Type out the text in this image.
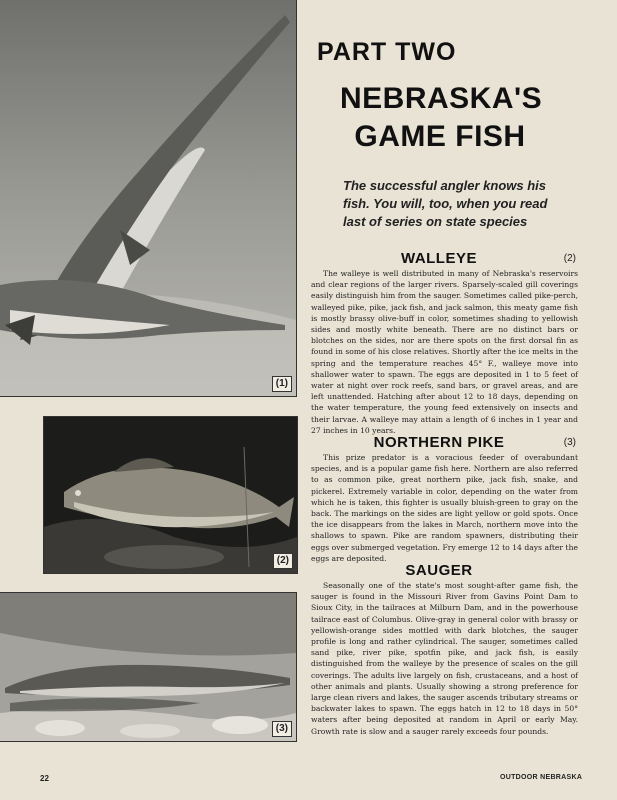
(1)
(2)
(3)
PART TWO
NEBRASKA'S
GAME FISH

The successful angler knows his fish. You will, too, when you read last of series on state species

WALLEYE	(2)

The walleye is well distributed in many of Nebraska's reservoirs and clear regions of the larger rivers. Sparsely-scaled gill coverings easily distinguish him from the sauger. Sometimes called pike-perch, walleyed pike, pike, jack fish, and jack salmon, this meaty game fish is mostly brassy olive-buff in color, sometimes shading to yellowish sides and mostly white beneath. There are no distinct bars or blotches on the sides, nor are there spots on the first dorsal fin as found in some of his close relatives. Shortly after the ice melts in the spring and the temperature reaches 45° F., walleye move into shallower water to spawn. The eggs are deposited in 1 to 5 feet of water at night over rock reefs, sand bars, or gravel areas, and are left unattended. Hatching after about 12 to 18 days, depending on the water temperature, the young feed extensively on insects and their larvae. A walleye may attain a length of 6 inches in 1 year and 27 inches in 10 years.

NORTHERN PIKE	(3)

This prize predator is a voracious feeder of overabundant species, and is a popular game fish here. Northern are also referred to as common pike, great northern pike, jack fish, snake, and pickerel. Extremely variable in color, depending on the water from which he is taken, this fighter is usually bluish-green to gray on the back. The markings on the sides are light yellow or gold spots. Once the ice disappears from the lakes in March, northern move into the shallows to spawn. Pike are random spawners, distributing their eggs over submerged vegetation. Fry emerge 12 to 14 days after the eggs are deposited.

SAUGER

Seasonally one of the state's most sought-after game fish, the sauger is found in the Missouri River from Gavins Point Dam to Sioux City, in the tailraces at Milburn Dam, and in the powerhouse tailrace east of Columbus. Olive-gray in general color with brassy or yellowish-orange sides mottled with dark blotches, the sauger profile is long and rather cylindrical. The sauger, sometimes called sand pike, river pike, spotfin pike, and jack fish, is easily distinguished from the walleye by the presence of scales on the gill coverings. The adults live largely on fish, crustaceans, and a host of other animals and plants. Usually showing a strong preference for large clean rivers and lakes, the sauger ascends tributary streams or backwater lakes to spawn. The eggs hatch in 12 to 18 days in 50° waters after being deposited at random in April or early May. Growth rate is slow and a sauger rarely exceeds four pounds.

22	OUTDOOR NEBRASKA
